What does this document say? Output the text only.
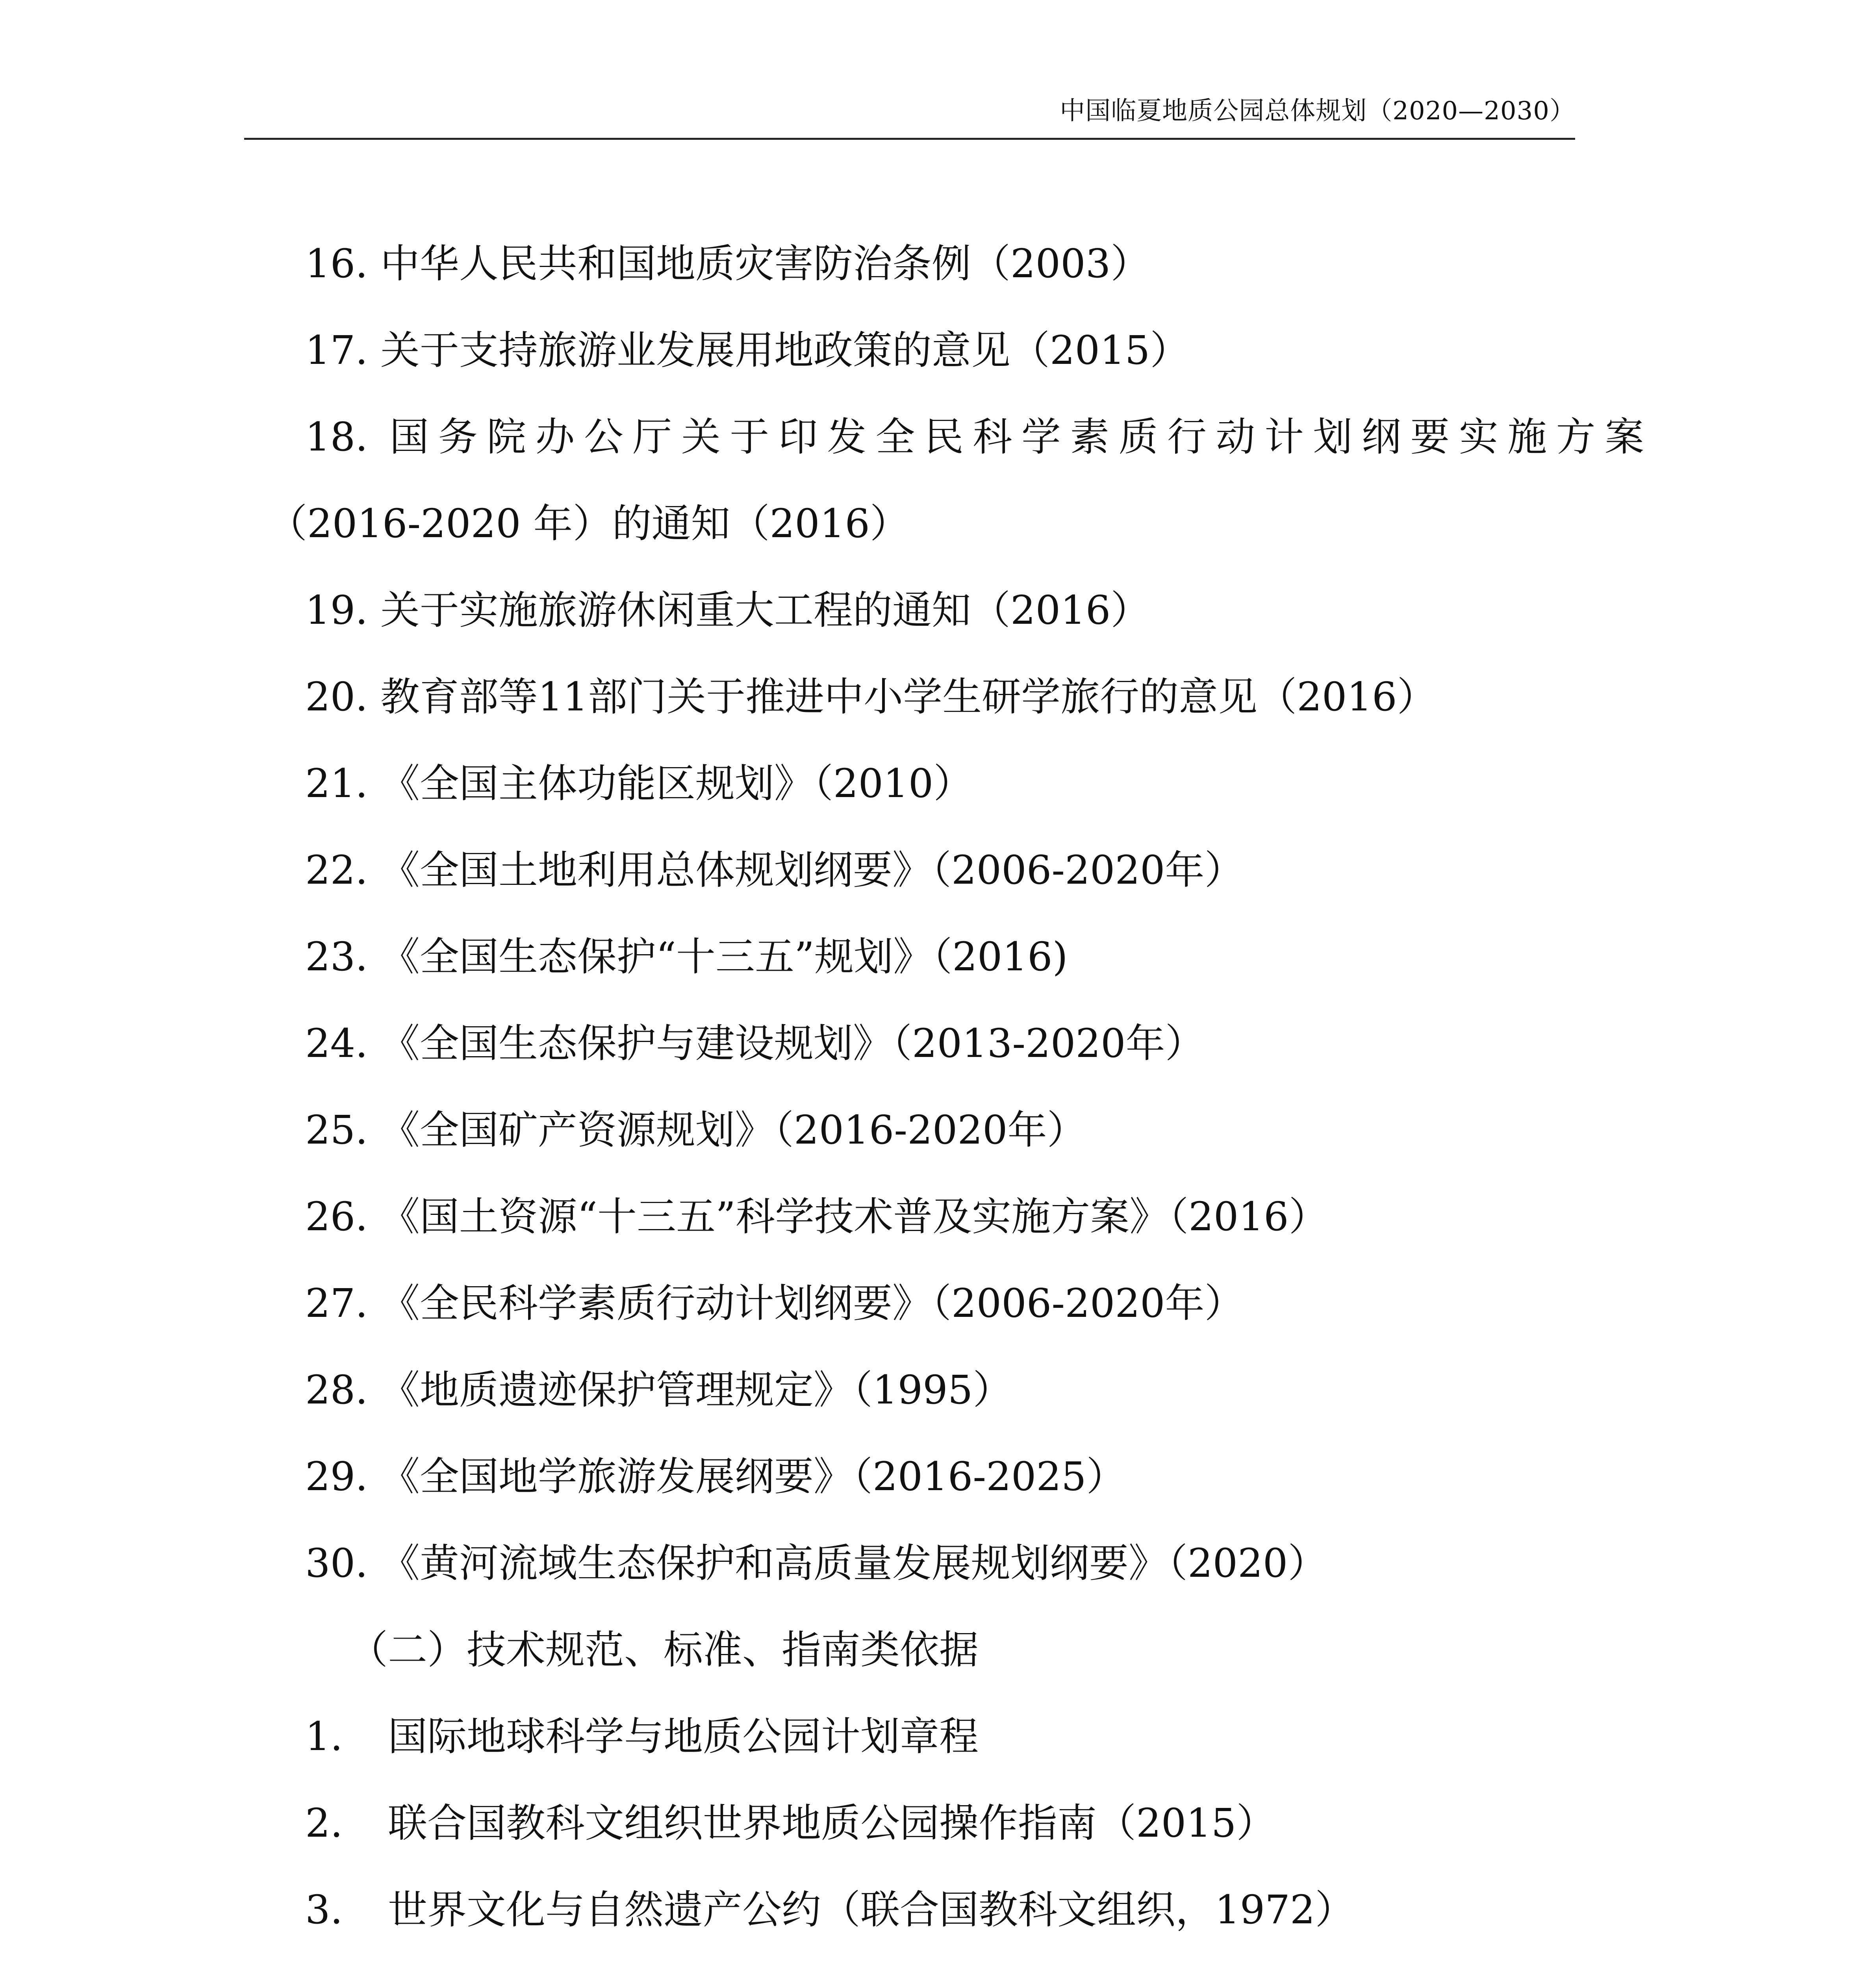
中国临夏地质公园总体规划（2020—2030）
16. 中华人民共和国地质灾害防治条例（2003）
17. 关于支持旅游业发展用地政策的意见（2015）
18. 国务院办公厅关于印发全民科学素质行动计划纲要实施方案
（2016-2020 年）的通知（2016）
19. 关于实施旅游休闲重大工程的通知（2016）
20. 教育部等11部门关于推进中小学生研学旅行的意见（2016）
21. 《全国主体功能区规划》（2010）
22. 《全国土地利用总体规划纲要》（2006-2020年）
23. 《全国生态保护“十三五”规划》（2016)
24. 《全国生态保护与建设规划》（2013-2020年）
25. 《全国矿产资源规划》（2016-2020年）
26. 《国土资源“十三五”科学技术普及实施方案》（2016）
27. 《全民科学素质行动计划纲要》（2006-2020年）
28. 《地质遗迹保护管理规定》（1995）
29. 《全国地学旅游发展纲要》（2016-2025）
30. 《黄河流域生态保护和高质量发展规划纲要》（2020）
（二）技术规范、标准、指南类依据
1. 国际地球科学与地质公园计划章程
2. 联合国教科文组织世界地质公园操作指南（2015）
3. 世界文化与自然遗产公约（联合国教科文组织，1972）
